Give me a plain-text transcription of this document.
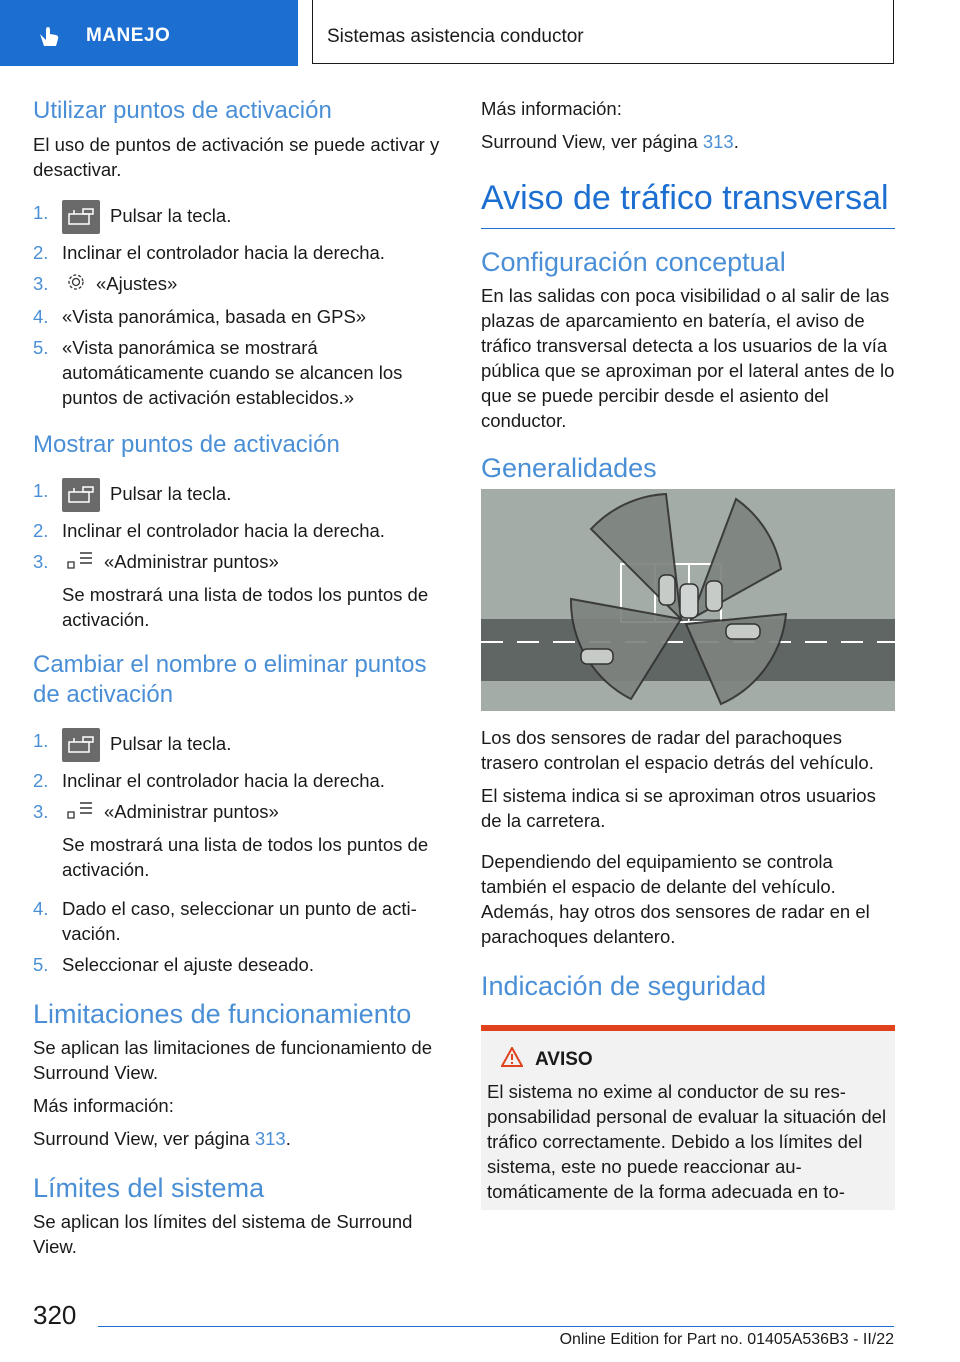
MANEJO	Sistemas asistencia conductor
Utilizar puntos de activación

El uso de puntos de activación se puede activar y desactivar.

1.	Pulsar la tecla.
2. Inclinar el controlador hacia la derecha.
3.	«Ajustes»
4. «Vista panorámica, basada en GPS»
5. «Vista panorámica se mostrará automáticamente cuando se alcancen los puntos de activación establecidos.»
Mostrar puntos de activación
1.	Pulsar la tecla.
2. Inclinar el controlador hacia la derecha.
3.	«Administrar puntos»

Se mostrará una lista de todos los puntos de activación.

Cambiar el nombre o eliminar puntos de activación
1.	Pulsar la tecla.
2. Inclinar el controlador hacia la derecha.
3.	«Administrar puntos»

Se mostrará una lista de todos los puntos de activación.

4. Dado el caso, seleccionar un punto de activación.
5. Seleccionar el ajuste deseado.
Limitaciones de funcionamiento

Se aplican las limitaciones de funcionamiento de Surround View.

Más información:

Surround View, ver página 313.

Límites del sistema

Se aplican los límites del sistema de Surround View.

Más información:

Surround View, ver página 313.

Aviso de tráfico transversal
Configuración conceptual

En las salidas con poca visibilidad o al salir de las plazas de aparcamiento en batería, el aviso de tráfico transversal detecta a los usuarios de la vía pública que se aproximan por el lateral antes de lo que se puede percibir desde el asiento del conductor.

Generalidades

Los dos sensores de radar del parachoques trasero controlan el espacio detrás del vehículo.

El sistema indica si se aproximan otros usuarios de la carretera.

Dependiendo del equipamiento se controla también el espacio de delante del vehículo. Además, hay otros dos sensores de radar en el parachoques delantero.

Indicación de seguridad
AVISO

El sistema no exime al conductor de su responsabilidad personal de evaluar la situación del tráfico correctamente. Debido a los límites del sistema, este no puede reaccionar automáticamente de la forma adecuada en to-

320
Online Edition for Part no. 01405A536B3 - II/22
